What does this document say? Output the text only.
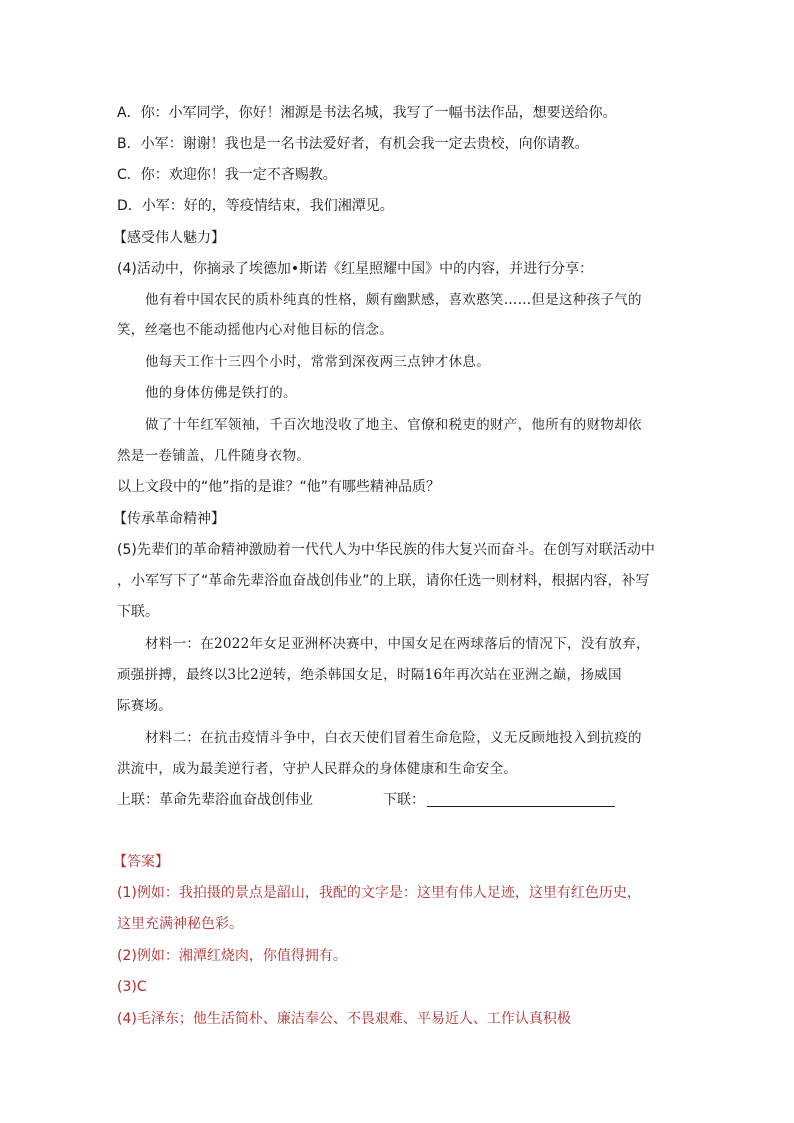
A．你：小军同学，你好！湘源是书法名城，我写了一幅书法作品，想要送给你。
B．小军：谢谢！我也是一名书法爱好者，有机会我一定去贵校，向你请教。
C．你：欢迎你！我一定不吝赐教。
D．小军：好的，等疫情结束，我们湘潭见。
【感受伟人魅力】
(4)活动中，你摘录了埃德加•斯诺《红星照耀中国》中的内容，并进行分享：
他有着中国农民的质朴纯真的性格，颇有幽默感，喜欢憨笑……但是这种孩子气的
笑，丝毫也不能动摇他内心对他目标的信念。
他每天工作十三四个小时，常常到深夜两三点钟才休息。
他的身体仿佛是铁打的。
做了十年红军领袖，千百次地没收了地主、官僚和税吏的财产，他所有的财物却依
然是一卷铺盖，几件随身衣物。
以上文段中的“他”指的是谁？“他”有哪些精神品质？
【传承革命精神】
(5)先辈们的革命精神激励着一代代人为中华民族的伟大复兴而奋斗。在创写对联活动中
，小军写下了“革命先辈浴血奋战创伟业”的上联，请你任选一则材料，根据内容，补写
下联。
材料一：在2022年女足亚洲杯决赛中，中国女足在两球落后的情况下，没有放弃，
顽强拼搏，最终以3比2逆转，绝杀韩国女足，时隔16年再次站在亚洲之巅，扬威国
际赛场。
材料二：在抗击疫情斗争中，白衣天使们冒着生命危险，义无反顾地投入到抗疫的
洪流中，成为最美逆行者，守护人民群众的身体健康和生命安全。
上联：革命先辈浴血奋战创伟业	下联：
【答案】
(1)例如：我拍摄的景点是韶山，我配的文字是：这里有伟人足迹，这里有红色历史，
这里充满神秘色彩。
(2)例如：湘潭红烧肉，你值得拥有。
(3)C
(4)毛泽东；他生活简朴、廉洁奉公、不畏艰难、平易近人、工作认真积极
